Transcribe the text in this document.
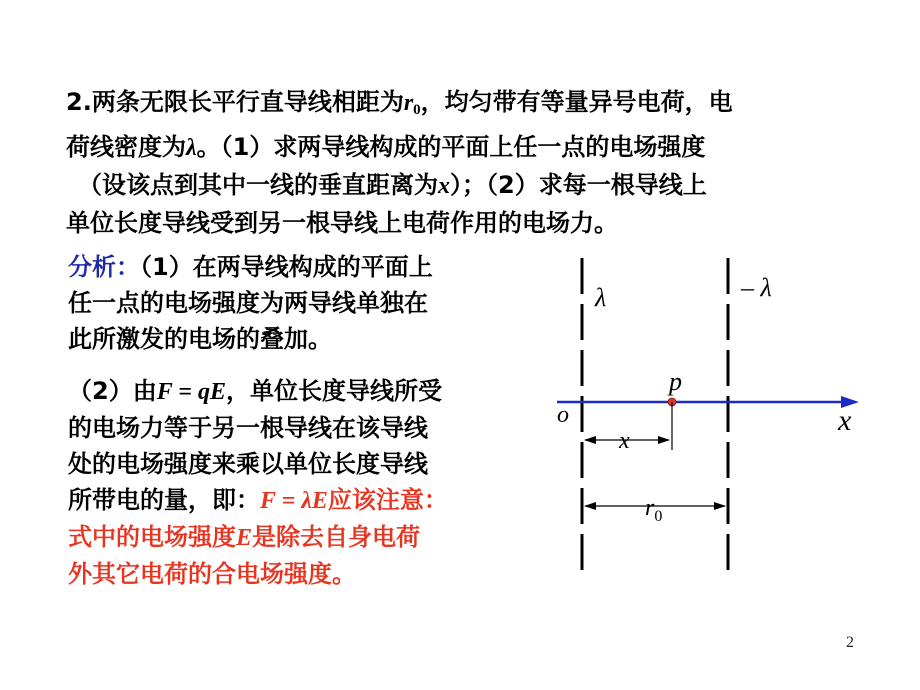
2.两条无限长平行直导线相距为$r_0$，均匀带有等量异号电荷，电
荷线密度为λ。（1）求两导线构成的平面上任一点的电场强度
（设该点到其中一线的垂直距离为x）；（2）求每一根导线上
单位长度导线受到另一根导线上电荷作用的电场力。
分析：（1）在两导线构成的平面上
任一点的电场强度为两导线单独在
此所激发的电场的叠加。
（2）由F = qE，单位长度导线所受
的电场力等于另一根导线在该导线
处的电场强度来乘以单位长度导线
所带电的量，即：F = λE应该注意：
式中的电场强度E是除去自身电荷
外其它电荷的合电场强度。
λ	– λ
p
o	x
x
$r_0$
2
